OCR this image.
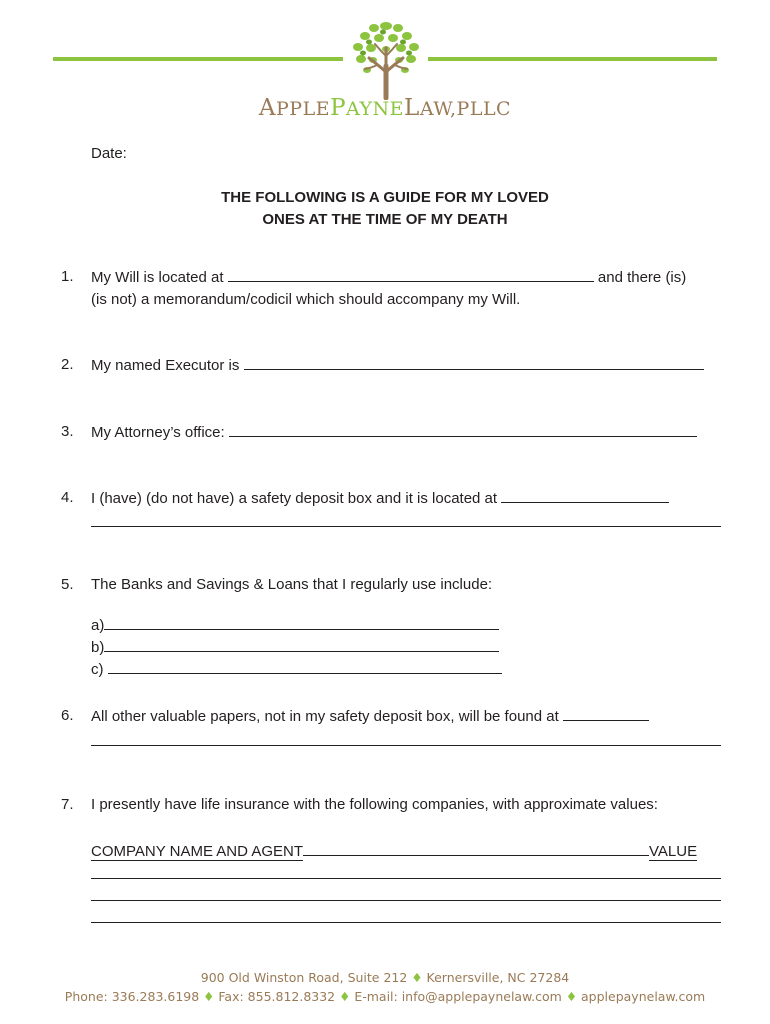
APPLEPAYNELAW,PLLC
Date:
THE FOLLOWING IS A GUIDE FOR MY LOVED
ONES AT THE TIME OF MY DEATH
1. My Will is located at	and there (is)
(is not) a memorandum/codicil which should accompany my Will.
2. My named Executor is
3. My Attorney’s office:
4. I (have) (do not have) a safety deposit box and it is located at
5. The Banks and Savings & Loans that I regularly use include:
a)
b)
c)
6. All other valuable papers, not in my safety deposit box, will be found at
7. I presently have life insurance with the following companies, with approximate values:
COMPANY NAME AND AGENT	VALUE
900 Old Winston Road, Suite 212 ♦ Kernersville, NC 27284
Phone: 336.283.6198 ♦ Fax: 855.812.8332 ♦ E-mail: info@applepaynelaw.com ♦ applepaynelaw.com
